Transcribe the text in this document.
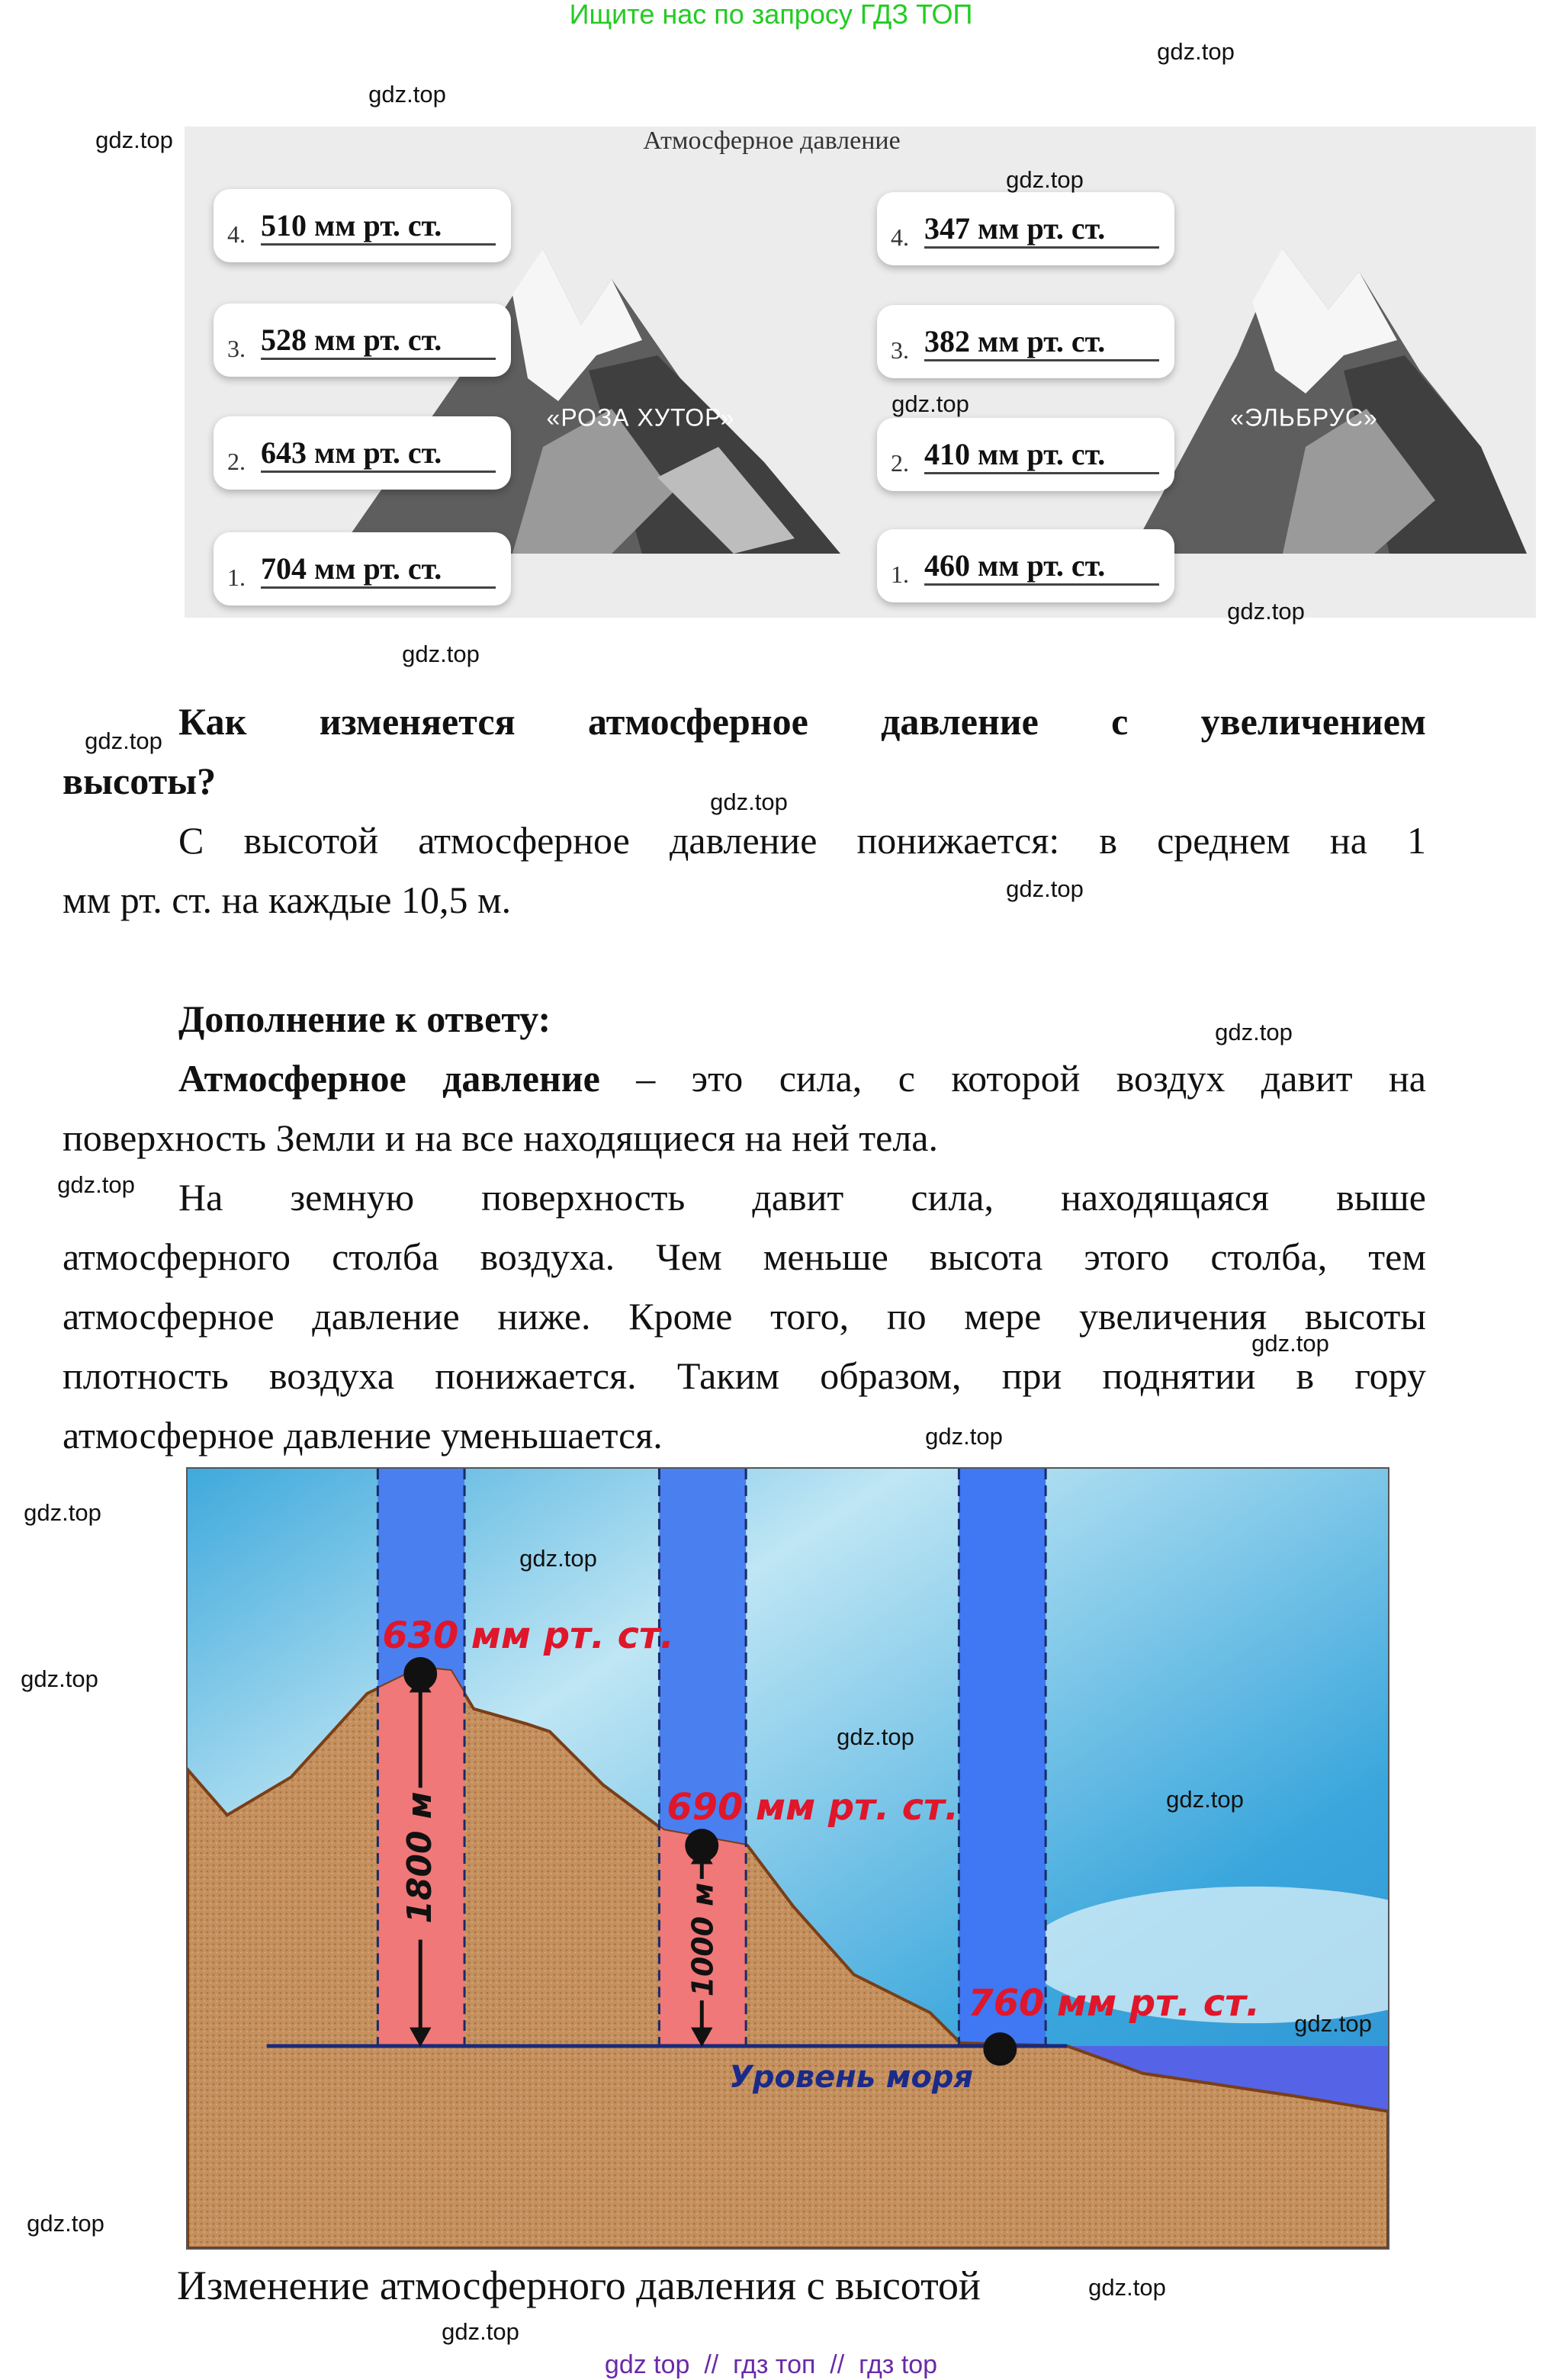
Ищите нас по запросу ГДЗ ТОП
Атмосферное давление
«РОЗА ХУТОР»	«ЭЛЬБРУС»
4. 510 мм рт. ст.
3. 528 мм рт. ст.
2. 643 мм рт. ст.
1. 704 мм рт. ст.
4. 347 мм рт. ст.
3. 382 мм рт. ст.
2. 410 мм рт. ст.
1. 460 мм рт. ст.
Как изменяется атмосферное давление с увеличением
высоты?
С высотой атмосферное давление понижается: в среднем на 1
мм рт. ст. на каждые 10,5 м.
Дополнение к ответу:
Атмосферное давление – это сила, с которой воздух давит на
поверхность Земли и на все находящиеся на ней тела.
На земную поверхность давит сила, находящаяся выше
атмосферного столба воздуха. Чем меньше высота этого столба, тем
атмосферное давление ниже. Кроме того, по мере увеличения высоты
плотность воздуха понижается. Таким образом, при поднятии в гору
атмосферное давление уменьшается.
1800 м
1000 м
630 мм рт. ст.
690 мм рт. ст.
760 мм рт. ст.
Уровень моря
Изменение атмосферного давления с высотой
gdz top  //  гдз топ  //  гдз top
gdz.top
gdz.top
gdz.top
gdz.top
gdz.top
gdz.top
gdz.top
gdz.top
gdz.top
gdz.top
gdz.top
gdz.top
gdz.top
gdz.top
gdz.top
gdz.top
gdz.top
gdz.top
gdz.top
gdz.top
gdz.top
gdz.top
gdz.top
